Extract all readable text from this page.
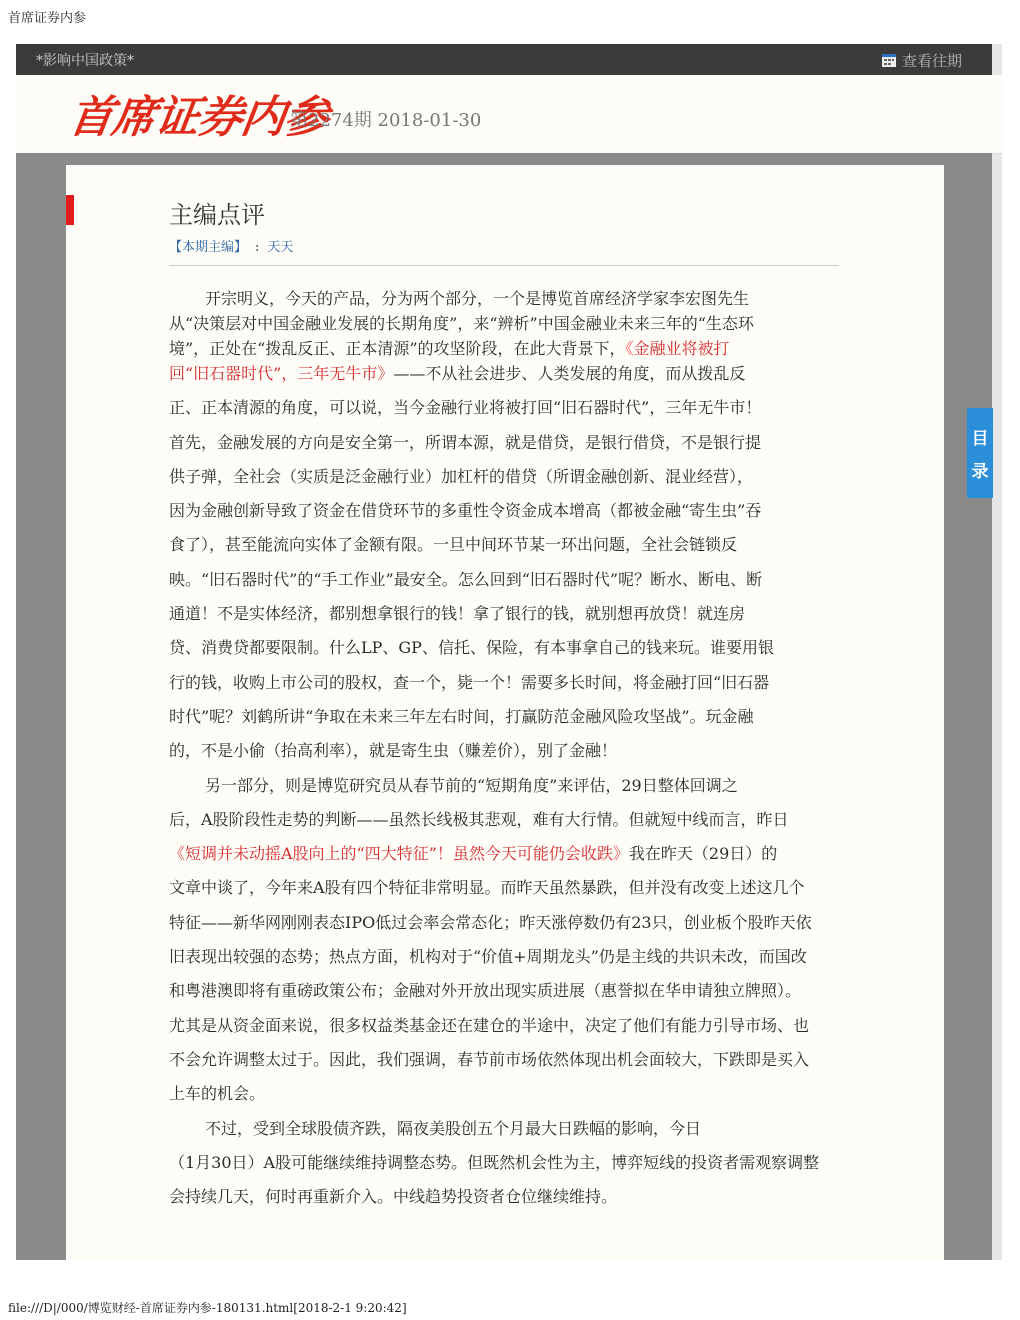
首席证券内参
*影响中国政策*	查看往期
首席证券内参
第2274期 2018-01-30
主编点评
【本期主编】 : 天天
开宗明义，今天的产品，分为两个部分，一个是博览首席经济学家李宏图先生
从“决策层对中国金融业发展的长期角度”，来“辨析”中国金融业未来三年的“生态环
境”，正处在“拨乱反正、正本清源”的攻坚阶段，在此大背景下，《金融业将被打
回“旧石器时代”，三年无牛市》——不从社会进步、人类发展的角度，而从拨乱反
正、正本清源的角度，可以说，当今金融行业将被打回“旧石器时代”，三年无牛市！
首先，金融发展的方向是安全第一，所谓本源，就是借贷，是银行借贷，不是银行提
供子弹，全社会（实质是泛金融行业）加杠杆的借贷（所谓金融创新、混业经营），
因为金融创新导致了资金在借贷环节的多重性令资金成本增高（都被金融“寄生虫”吞
食了），甚至能流向实体了金额有限。一旦中间环节某一环出问题，全社会链锁反
映。“旧石器时代”的“手工作业”最安全。怎么回到“旧石器时代”呢？断水、断电、断
通道！不是实体经济，都别想拿银行的钱！拿了银行的钱，就别想再放贷！就连房
贷、消费贷都要限制。什么LP、GP、信托、保险，有本事拿自己的钱来玩。谁要用银
行的钱，收购上市公司的股权，查一个，毙一个！需要多长时间，将金融打回“旧石器
时代”呢？刘鹤所讲“争取在未来三年左右时间，打赢防范金融风险攻坚战”。玩金融
的，不是小偷（抬高利率），就是寄生虫（赚差价），别了金融！
另一部分，则是博览研究员从春节前的“短期角度”来评估，29日整体回调之
后，A股阶段性走势的判断——虽然长线极其悲观，难有大行情。但就短中线而言，昨日
《短调并未动摇A股向上的“四大特征”！虽然今天可能仍会收跌》我在昨天（29日）的
文章中谈了，今年来A股有四个特征非常明显。而昨天虽然暴跌，但并没有改变上述这几个
特征——新华网刚刚表态IPO低过会率会常态化；昨天涨停数仍有23只，创业板个股昨天依
旧表现出较强的态势；热点方面，机构对于“价值+周期龙头”仍是主线的共识未改，而国改
和粤港澳即将有重磅政策公布；金融对外开放出现实质进展（惠誉拟在华申请独立牌照）。
尤其是从资金面来说，很多权益类基金还在建仓的半途中，决定了他们有能力引导市场、也
不会允许调整太过于。因此，我们强调，春节前市场依然体现出机会面较大，下跌即是买入
上车的机会。
不过，受到全球股债齐跌，隔夜美股创五个月最大日跌幅的影响，今日
（1月30日）A股可能继续维持调整态势。但既然机会性为主，博弈短线的投资者需观察调整
会持续几天，何时再重新介入。中线趋势投资者仓位继续维持。
目
录
file:///D|/000/博览财经-首席证券内参-180131.html[2018-2-1 9:20:42]
